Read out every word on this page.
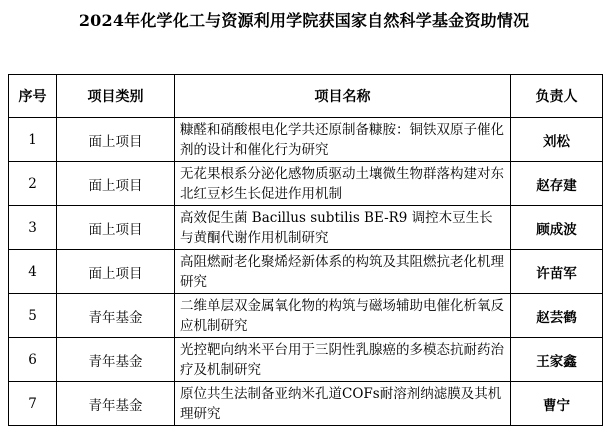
2024年化学化工与资源利用学院获国家自然科学基金资助情况
序号	项目类别	项目名称	负责人
1	面上项目	糠醛和硝酸根电化学共还原制备糠胺：铜铁双原子催化剂的设计和催化行为研究	刘松
2	面上项目	无花果根系分泌化感物质驱动土壤微生物群落构建对东北红豆杉生长促进作用机制	赵存建
3	面上项目	高效促生菌 Bacillus subtilis BE-R9 调控木豆生长与黄酮代谢作用机制研究	顾成波
4	面上项目	高阻燃耐老化聚烯烃新体系的构筑及其阻燃抗老化机理研究	许苗军
5	青年基金	二维单层双金属氧化物的构筑与磁场辅助电催化析氧反应机制研究	赵芸鹤
6	青年基金	光控靶向纳米平台用于三阴性乳腺癌的多模态抗耐药治疗及机制研究	王家鑫
7	青年基金	原位共生法制备亚纳米孔道COFs耐溶剂纳滤膜及其机理研究	曹宁
